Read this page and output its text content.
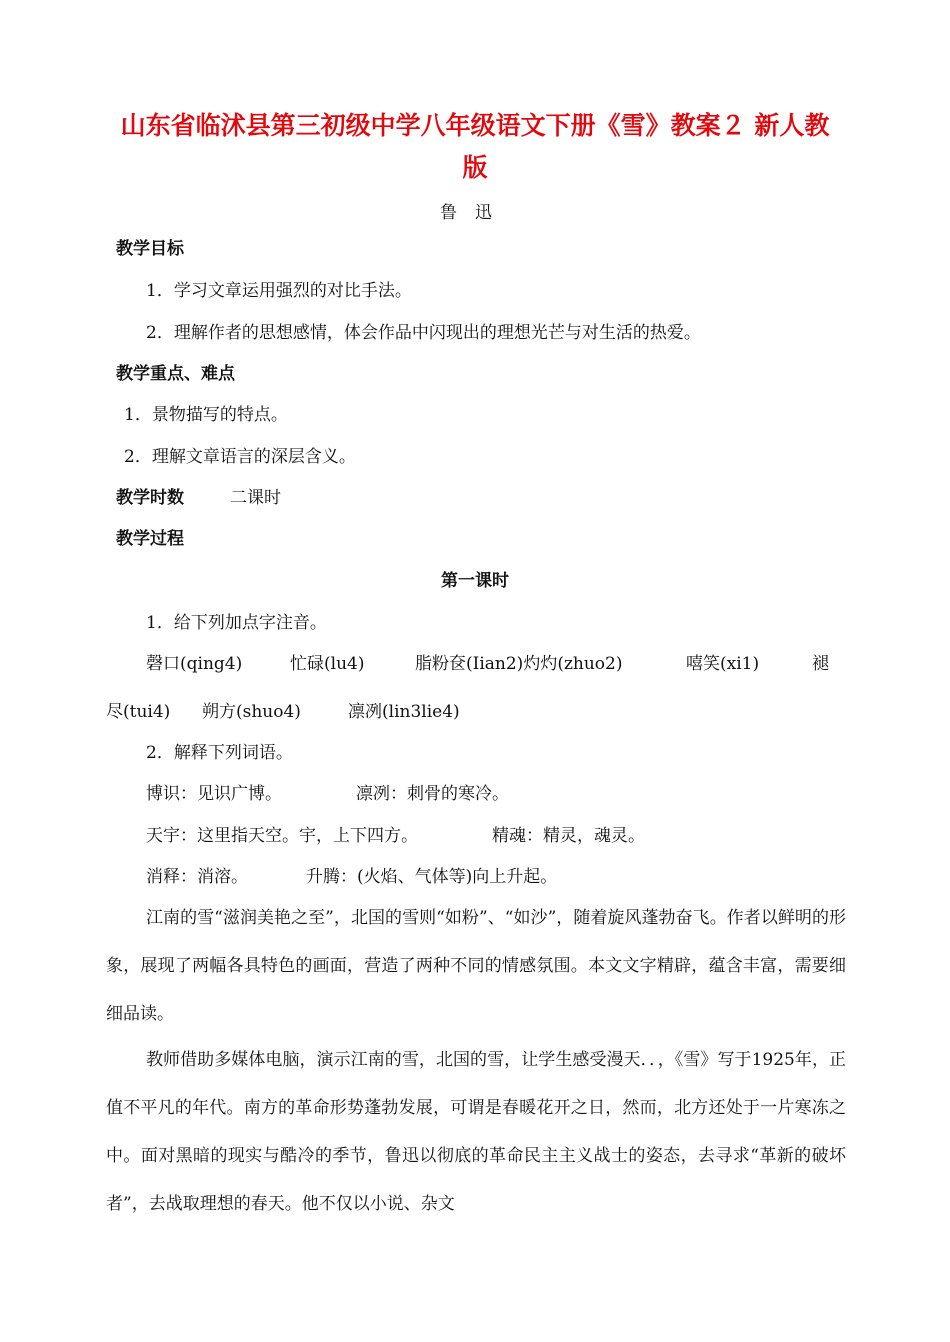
山东省临沭县第三初级中学八年级语文下册《雪》教案２ 新人教
版
鲁迅
教学目标
1．学习文章运用强烈的对比手法。
2．理解作者的思想感情，体会作品中闪现出的理想光芒与对生活的热爱。
教学重点、难点
1．景物描写的特点。
2．理解文章语言的深层含义。
教学时数	二课时
教学过程
第一课时
1．给下列加点字注音。
磬口(qing4)	忙碌(lu4)	脂粉奁(Iian2)灼灼(zhuo2)	嘻笑(xi1)	褪
尽(tui4) 朔方(shuo4)	凛冽(lin3lie4)
2．解释下列词语。
博识：见识广博。	凛冽：刺骨的寒冷。
天宇：这里指天空。宇，上下四方。	精魂：精灵，魂灵。
消释：消溶。	升腾：(火焰、气体等)向上升起。
江南的雪“滋润美艳之至”，北国的雪则“如粉”、“如沙”，随着旋风蓬勃奋飞。作者以鲜明的形象，展现了两幅各具特色的画面，营造了两种不同的情感氛围。本文文字精辟，蕴含丰富，需要细细品读。
教师借助多媒体电脑，演示江南的雪，北国的雪，让学生感受漫天．．，《雪》写于1925年，正值不平凡的年代。南方的革命形势蓬勃发展，可谓是春暖花开之日，然而，北方还处于一片寒冻之中。面对黑暗的现实与酷冷的季节，鲁迅以彻底的革命民主主义战士的姿态，去寻求“革新的破坏者”，去战取理想的春天。他不仅以小说、杂文
